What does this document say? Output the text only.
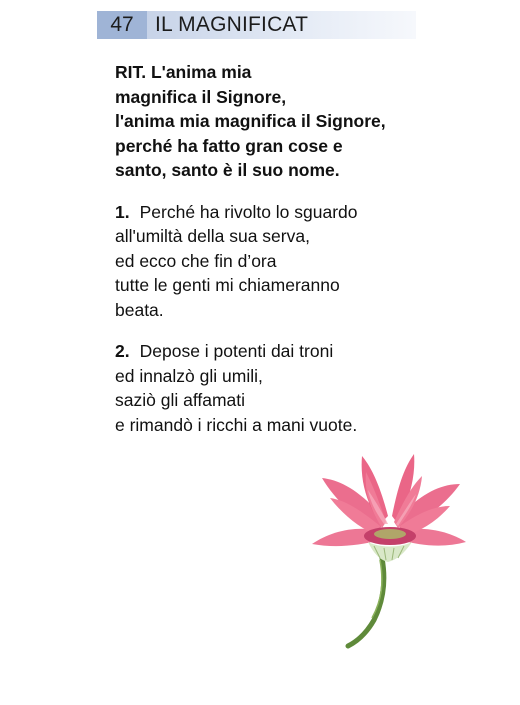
47	IL MAGNIFICAT
RIT. L'anima mia
magnifica il Signore,
l'anima mia magnifica il Signore,
perché ha fatto gran cose e
santo, santo è il suo nome.
1. Perché ha rivolto lo sguardo
all'umiltà della sua serva,
ed ecco che fin d’ora
tutte le genti mi chiameranno
beata.
2. Depose i potenti dai troni
ed innalzò gli umili,
saziò gli affamati
e rimandò i ricchi a mani vuote.
